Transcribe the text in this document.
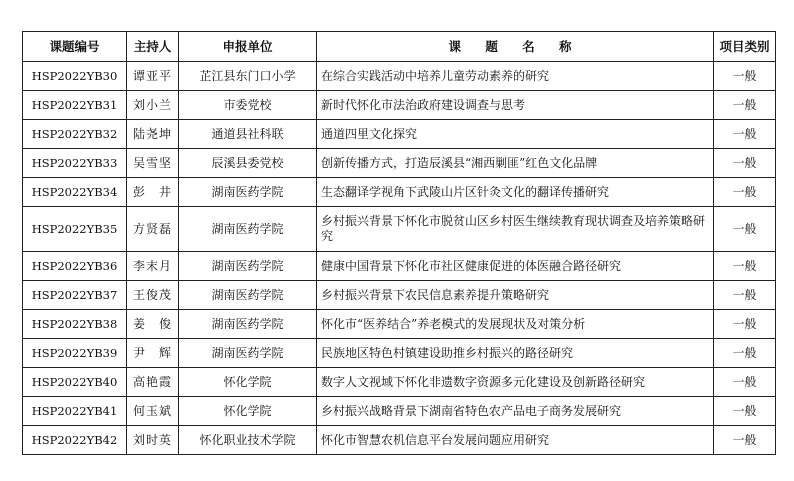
课题编号	主持人	申报单位	课 题 名 称	项目类别
HSP2022YB30	谭亚平	芷江县东门口小学	在综合实践活动中培养儿童劳动素养的研究	一般
HSP2022YB31	刘小兰	市委党校	新时代怀化市法治政府建设调查与思考	一般
HSP2022YB32	陆尧坤	通道县社科联	通道四里文化探究	一般
HSP2022YB33	吴雪坚	辰溪县委党校	创新传播方式，打造辰溪县“湘西剿匪”红色文化品牌	一般
HSP2022YB34	彭　井	湖南医药学院	生态翻译学视角下武陵山片区针灸文化的翻译传播研究	一般
HSP2022YB35	方贤磊	湖南医药学院	乡村振兴背景下怀化市脱贫山区乡村医生继续教育现状调查及培养策略研究	一般
HSP2022YB36	李末月	湖南医药学院	健康中国背景下怀化市社区健康促进的体医融合路径研究	一般
HSP2022YB37	王俊茂	湖南医药学院	乡村振兴背景下农民信息素养提升策略研究	一般
HSP2022YB38	姜　俊	湖南医药学院	怀化市“医养结合”养老模式的发展现状及对策分析	一般
HSP2022YB39	尹　辉	湖南医药学院	民族地区特色村镇建设助推乡村振兴的路径研究	一般
HSP2022YB40	高艳霞	怀化学院	数字人文视域下怀化非遗数字资源多元化建设及创新路径研究	一般
HSP2022YB41	何玉斌	怀化学院	乡村振兴战略背景下湖南省特色农产品电子商务发展研究	一般
HSP2022YB42	刘时英	怀化职业技术学院	怀化市智慧农机信息平台发展问题应用研究	一般
